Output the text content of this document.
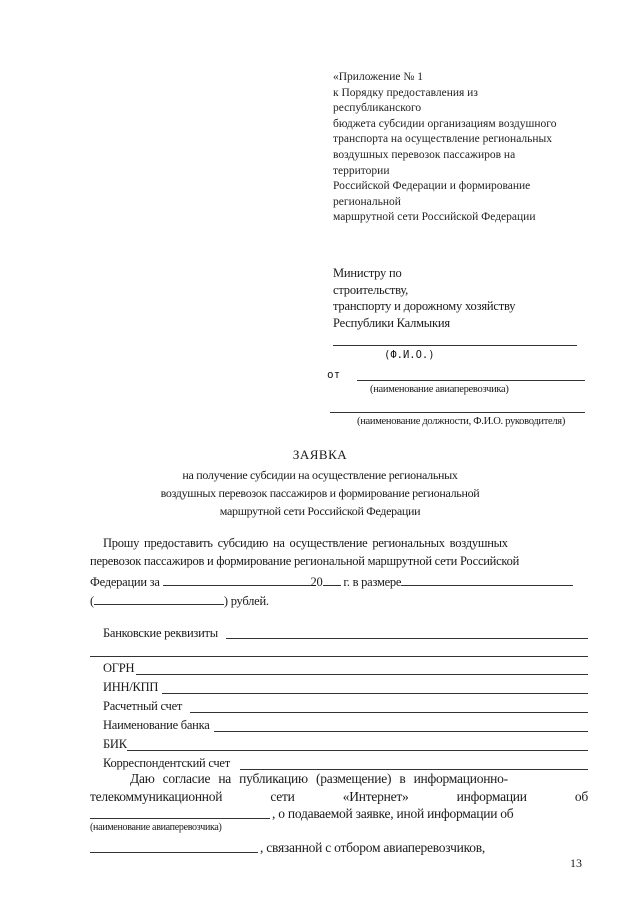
«Приложение № 1
к Порядку предоставления из
республиканского
бюджета субсидии организациям воздушного
транспорта на осуществление региональных
воздушных перевозок пассажиров на
территории
Российской Федерации и формирование
региональной
маршрутной сети Российской Федерации
Министру по
строительству,
транспорту и дорожному хозяйству
Республики Калмыкия
(Ф.И.О.)
от
(наименование авиаперевозчика)
(наименование должности, Ф.И.О. руководителя)
ЗАЯВКА
на получение субсидии на осуществление региональных
воздушных перевозок пассажиров и формирование региональной
маршрутной сети Российской Федерации
Прошу предоставить субсидию на осуществление региональных воздушных
перевозок пассажиров и формирование региональной маршрутной сети Российской
Федерации за	20 г. в размере
(	) рублей.
Банковские реквизиты
ОГРН
ИНН/КПП
Расчетный счет
Наименование банка
БИК
Корреспондентский счет
Даю согласие на публикацию (размещение) в информационно-
телекоммуникационной	сети	«Интернет»	информации	об
, о подаваемой заявке, иной информации об
(наименование авиаперевозчика)
, связанной с отбором авиаперевозчиков,
13
